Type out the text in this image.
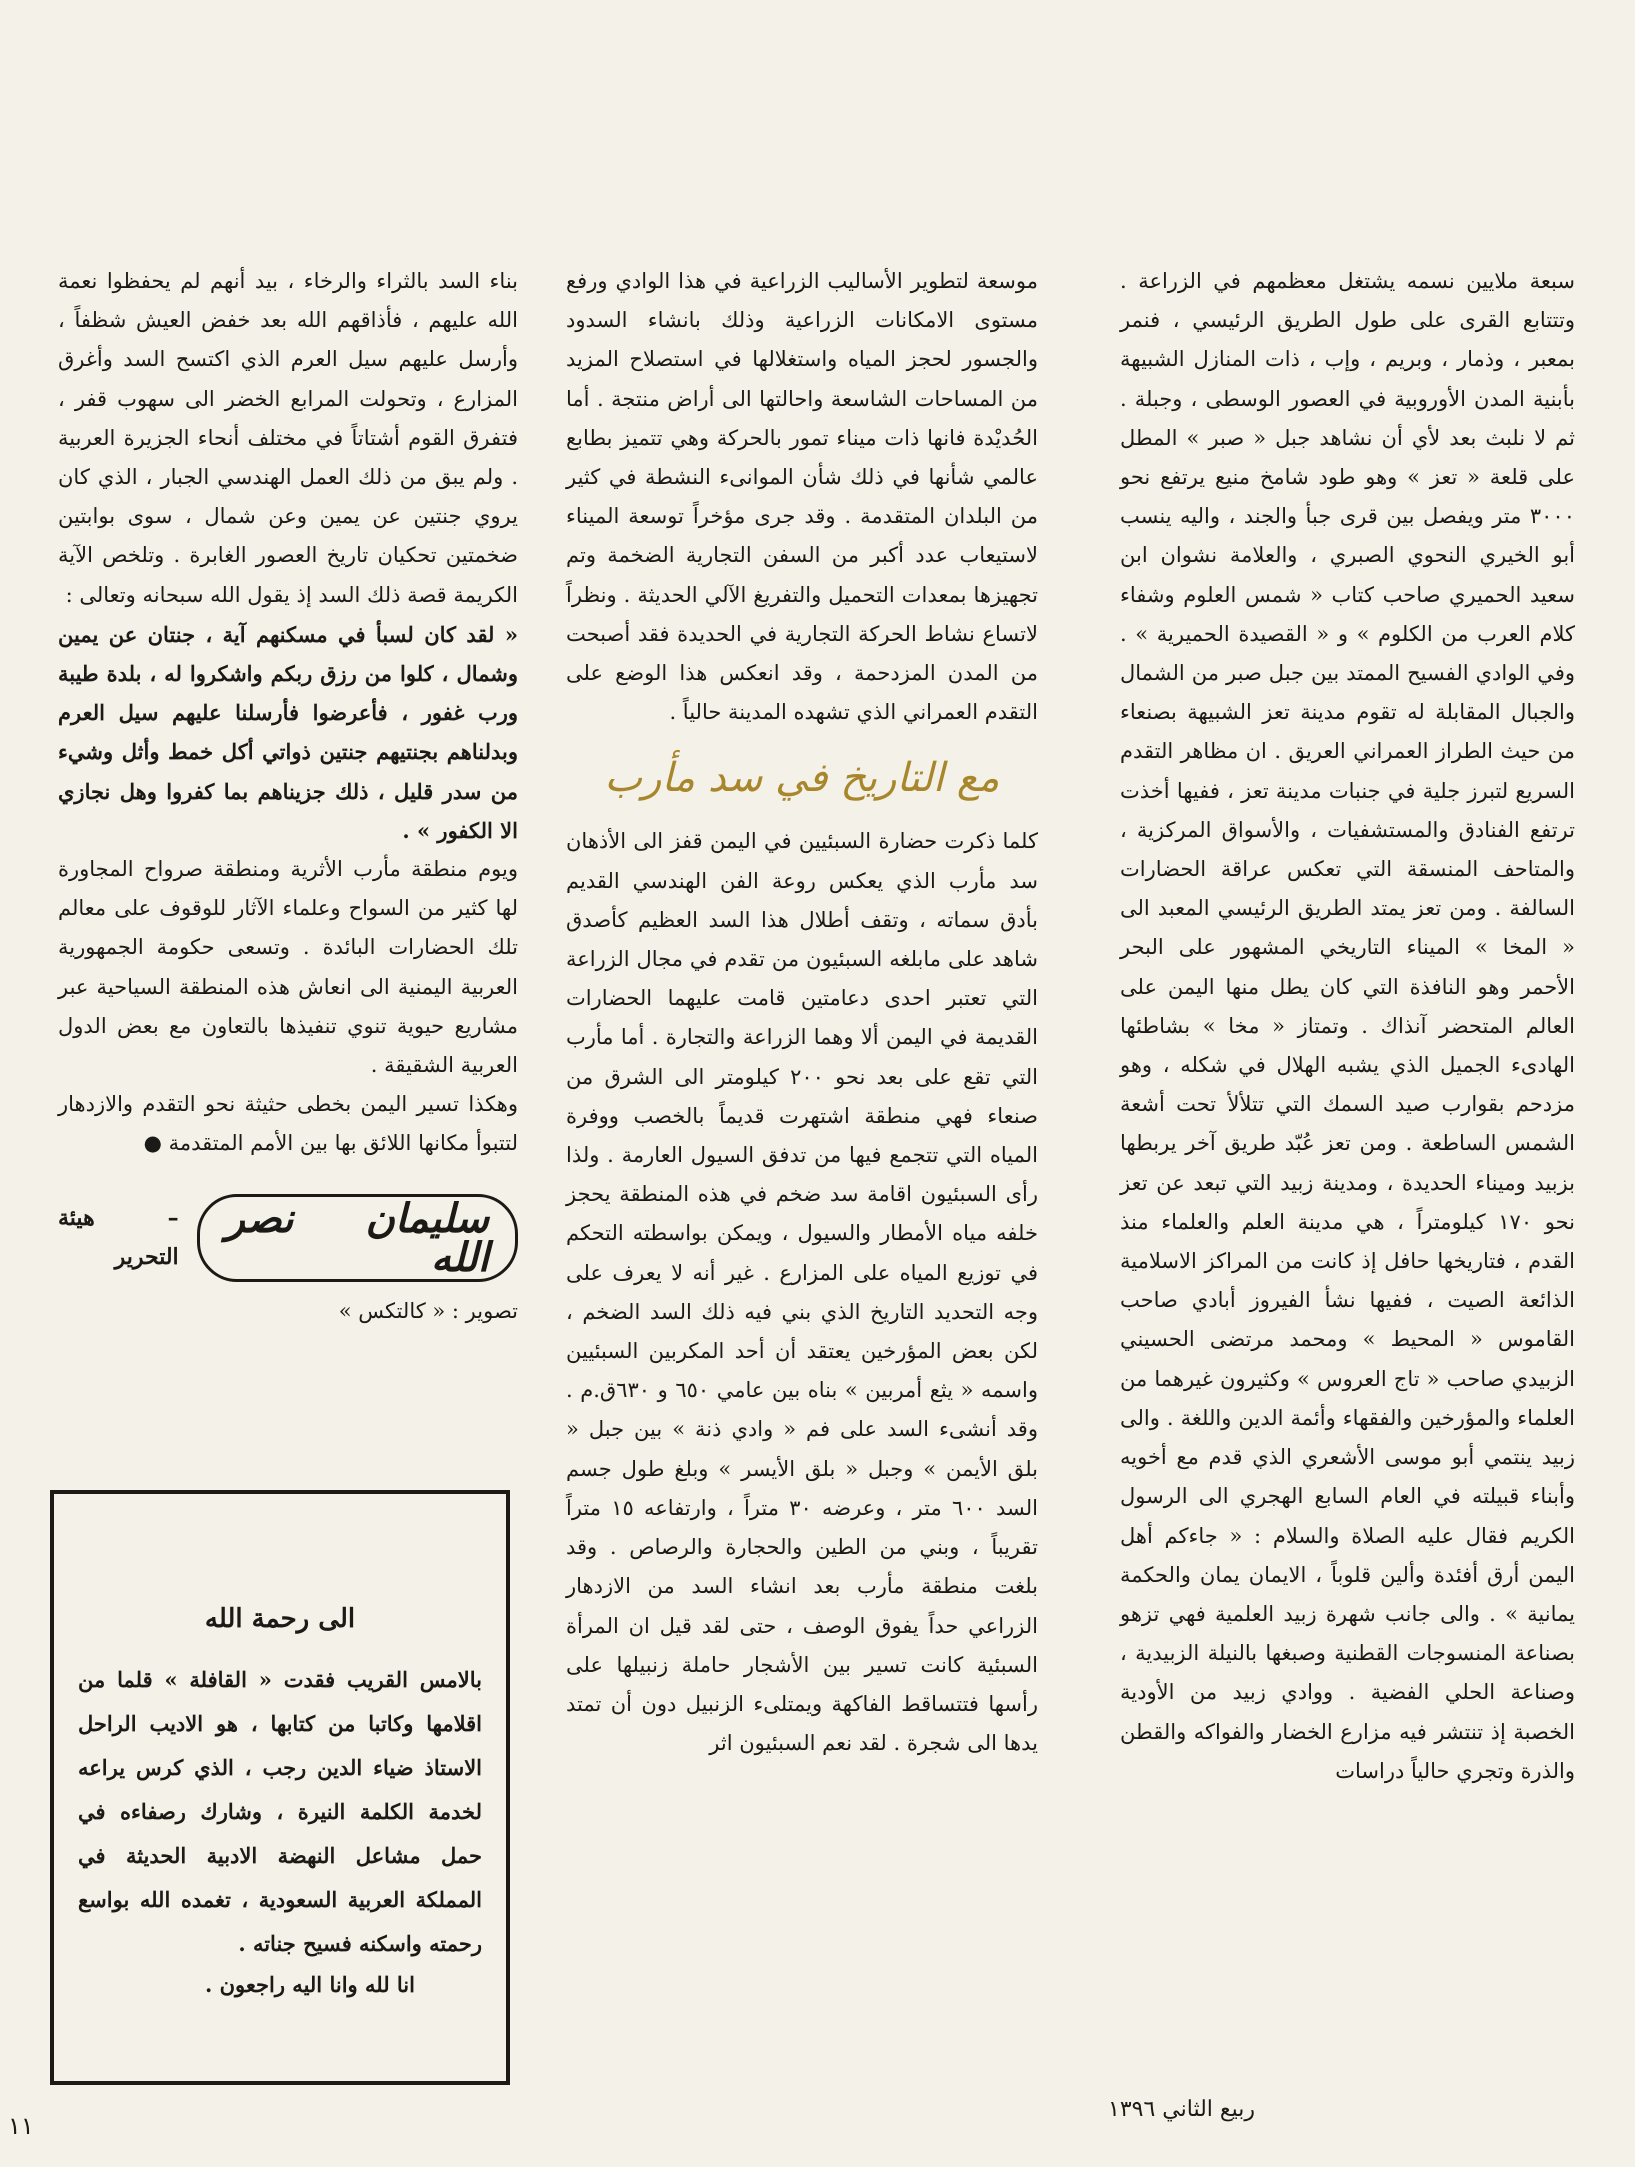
سبعة ملايين نسمه يشتغل معظمهم في الزراعة . وتتتابع القرى على طول الطريق الرئيسي ، فنمر بمعبر ، وذمار ، وبريم ، وإب ، ذات المنازل الشبيهة بأبنية المدن الأوروبية في العصور الوسطى ، وجبلة . ثم لا نلبث بعد لأي أن نشاهد جبل « صبر » المطل على قلعة « تعز » وهو طود شامخ منيع يرتفع نحو ٣٠٠٠ متر ويفصل بين قرى جبأ والجند ، واليه ينسب أبو الخيري النحوي الصبري ، والعلامة نشوان ابن سعيد الحميري صاحب كتاب « شمس العلوم وشفاء كلام العرب من الكلوم » و « القصيدة الحميرية » . وفي الوادي الفسيح الممتد بين جبل صبر من الشمال والجبال المقابلة له تقوم مدينة تعز الشبيهة بصنعاء من حيث الطراز العمراني العريق . ان مظاهر التقدم السريع لتبرز جلية في جنبات مدينة تعز ، ففيها أخذت ترتفع الفنادق والمستشفيات ، والأسواق المركزية ، والمتاحف المنسقة التي تعكس عراقة الحضارات السالفة . ومن تعز يمتد الطريق الرئيسي المعبد الى « المخا » الميناء التاريخي المشهور على البحر الأحمر وهو النافذة التي كان يطل منها اليمن على العالم المتحضر آنذاك . وتمتاز « مخا » بشاطئها الهادىء الجميل الذي يشبه الهلال في شكله ، وهو مزدحم بقوارب صيد السمك التي تتلألأ تحت أشعة الشمس الساطعة . ومن تعز عُبّد طريق آخر يربطها بزبيد وميناء الحديدة ، ومدينة زبيد التي تبعد عن تعز نحو ١٧٠ كيلومتراً ، هي مدينة العلم والعلماء منذ القدم ، فتاريخها حافل إذ كانت من المراكز الاسلامية الذائعة الصيت ، ففيها نشأ الفيروز أبادي صاحب القاموس « المحيط » ومحمد مرتضى الحسيني الزبيدي صاحب « تاج العروس » وكثيرون غيرهما من العلماء والمؤرخين والفقهاء وأئمة الدين واللغة . والى زبيد ينتمي أبو موسى الأشعري الذي قدم مع أخويه وأبناء قبيلته في العام السابع الهجري الى الرسول الكريم فقال عليه الصلاة والسلام : « جاءكم أهل اليمن أرق أفئدة وألين قلوباً ، الايمان يمان والحكمة يمانية » . والى جانب شهرة زبيد العلمية فهي تزهو بصناعة المنسوجات القطنية وصبغها بالنيلة الزبيدية ، وصناعة الحلي الفضية . ووادي زبيد من الأودية الخصبة إذ تنتشر فيه مزارع الخضار والفواكه والقطن والذرة وتجري حالياً دراسات

موسعة لتطوير الأساليب الزراعية في هذا الوادي ورفع مستوى الامكانات الزراعية وذلك بانشاء السدود والجسور لحجز المياه واستغلالها في استصلاح المزيد من المساحات الشاسعة واحالتها الى أراض منتجة . أما الحُديْدة فانها ذات ميناء تمور بالحركة وهي تتميز بطابع عالمي شأنها في ذلك شأن الموانىء النشطة في كثير من البلدان المتقدمة . وقد جرى مؤخراً توسعة الميناء لاستيعاب عدد أكبر من السفن التجارية الضخمة وتم تجهيزها بمعدات التحميل والتفريغ الآلي الحديثة . ونظراً لاتساع نشاط الحركة التجارية في الحديدة فقد أصبحت من المدن المزدحمة ، وقد انعكس هذا الوضع على التقدم العمراني الذي تشهده المدينة حالياً .

مع التاريخ في سد مأرب

كلما ذكرت حضارة السبئيين في اليمن قفز الى الأذهان سد مأرب الذي يعكس روعة الفن الهندسي القديم بأدق سماته ، وتقف أطلال هذا السد العظيم كأصدق شاهد على مابلغه السبئيون من تقدم في مجال الزراعة التي تعتبر احدى دعامتين قامت عليهما الحضارات القديمة في اليمن ألا وهما الزراعة والتجارة . أما مأرب التي تقع على بعد نحو ٢٠٠ كيلومتر الى الشرق من صنعاء فهي منطقة اشتهرت قديماً بالخصب ووفرة المياه التي تتجمع فيها من تدفق السيول العارمة . ولذا رأى السبئيون اقامة سد ضخم في هذه المنطقة يحجز خلفه مياه الأمطار والسيول ، ويمكن بواسطته التحكم في توزيع المياه على المزارع . غير أنه لا يعرف على وجه التحديد التاريخ الذي بني فيه ذلك السد الضخم ، لكن بعض المؤرخين يعتقد أن أحد المكربين السبئيين واسمه « يثع أمربين » بناه بين عامي ٦٥٠ و ٦٣٠ق.م . وقد أنشىء السد على فم « وادي ذنة » بين جبل « بلق الأيمن » وجبل « بلق الأيسر » وبلغ طول جسم السد ٦٠٠ متر ، وعرضه ٣٠ متراً ، وارتفاعه ١٥ متراً تقريباً ، وبني من الطين والحجارة والرصاص . وقد بلغت منطقة مأرب بعد انشاء السد من الازدهار الزراعي حداً يفوق الوصف ، حتى لقد قيل ان المرأة السبئية كانت تسير بين الأشجار حاملة زنبيلها على رأسها فتتساقط الفاكهة ويمتلىء الزنبيل دون أن تمتد يدها الى شجرة . لقد نعم السبئيون اثر

بناء السد بالثراء والرخاء ، بيد أنهم لم يحفظوا نعمة الله عليهم ، فأذاقهم الله بعد خفض العيش شظفاً ، وأرسل عليهم سيل العرم الذي اكتسح السد وأغرق المزارع ، وتحولت المرابع الخضر الى سهوب قفر ، فتفرق القوم أشتاتاً في مختلف أنحاء الجزيرة العربية . ولم يبق من ذلك العمل الهندسي الجبار ، الذي كان يروي جنتين عن يمين وعن شمال ، سوى بوابتين ضخمتين تحكيان تاريخ العصور الغابرة . وتلخص الآية الكريمة قصة ذلك السد إذ يقول الله سبحانه وتعالى :

« لقد كان لسبأ في مسكنهم آية ، جنتان عن يمين وشمال ، كلوا من رزق ربكم واشكروا له ، بلدة طيبة ورب غفور ، فأعرضوا فأرسلنا عليهم سيل العرم وبدلناهم بجنتيهم جنتين ذواتي أكل خمط وأثل وشيء من سدر قليل ، ذلك جزيناهم بما كفروا وهل نجازي الا الكفور » .

ويوم منطقة مأرب الأثرية ومنطقة صرواح المجاورة لها كثير من السواح وعلماء الآثار للوقوف على معالم تلك الحضارات البائدة . وتسعى حكومة الجمهورية العربية اليمنية الى انعاش هذه المنطقة السياحية عبر مشاريع حيوية تنوي تنفيذها بالتعاون مع بعض الدول العربية الشقيقة .

وهكذا تسير اليمن بخطى حثيثة نحو التقدم والازدهار لتتبوأ مكانها اللائق بها بين الأمم المتقدمة ●

سليمان نصر الله
– هيئة التحرير
تصوير : « كالتكس »
الى رحمة الله

بالامس القريب فقدت « القافلة » قلما من اقلامها وكاتبا من كتابها ، هو الاديب الراحل الاستاذ ضياء الدين رجب ، الذي كرس يراعه لخدمة الكلمة النيرة ، وشارك رصفاءه في حمل مشاعل النهضة الادبية الحديثة في المملكة العربية السعودية ، تغمده الله بواسع رحمته واسكنه فسيح جناته .

انا لله وانا اليه راجعون .
ربيع الثاني ١٣٩٦
١١
